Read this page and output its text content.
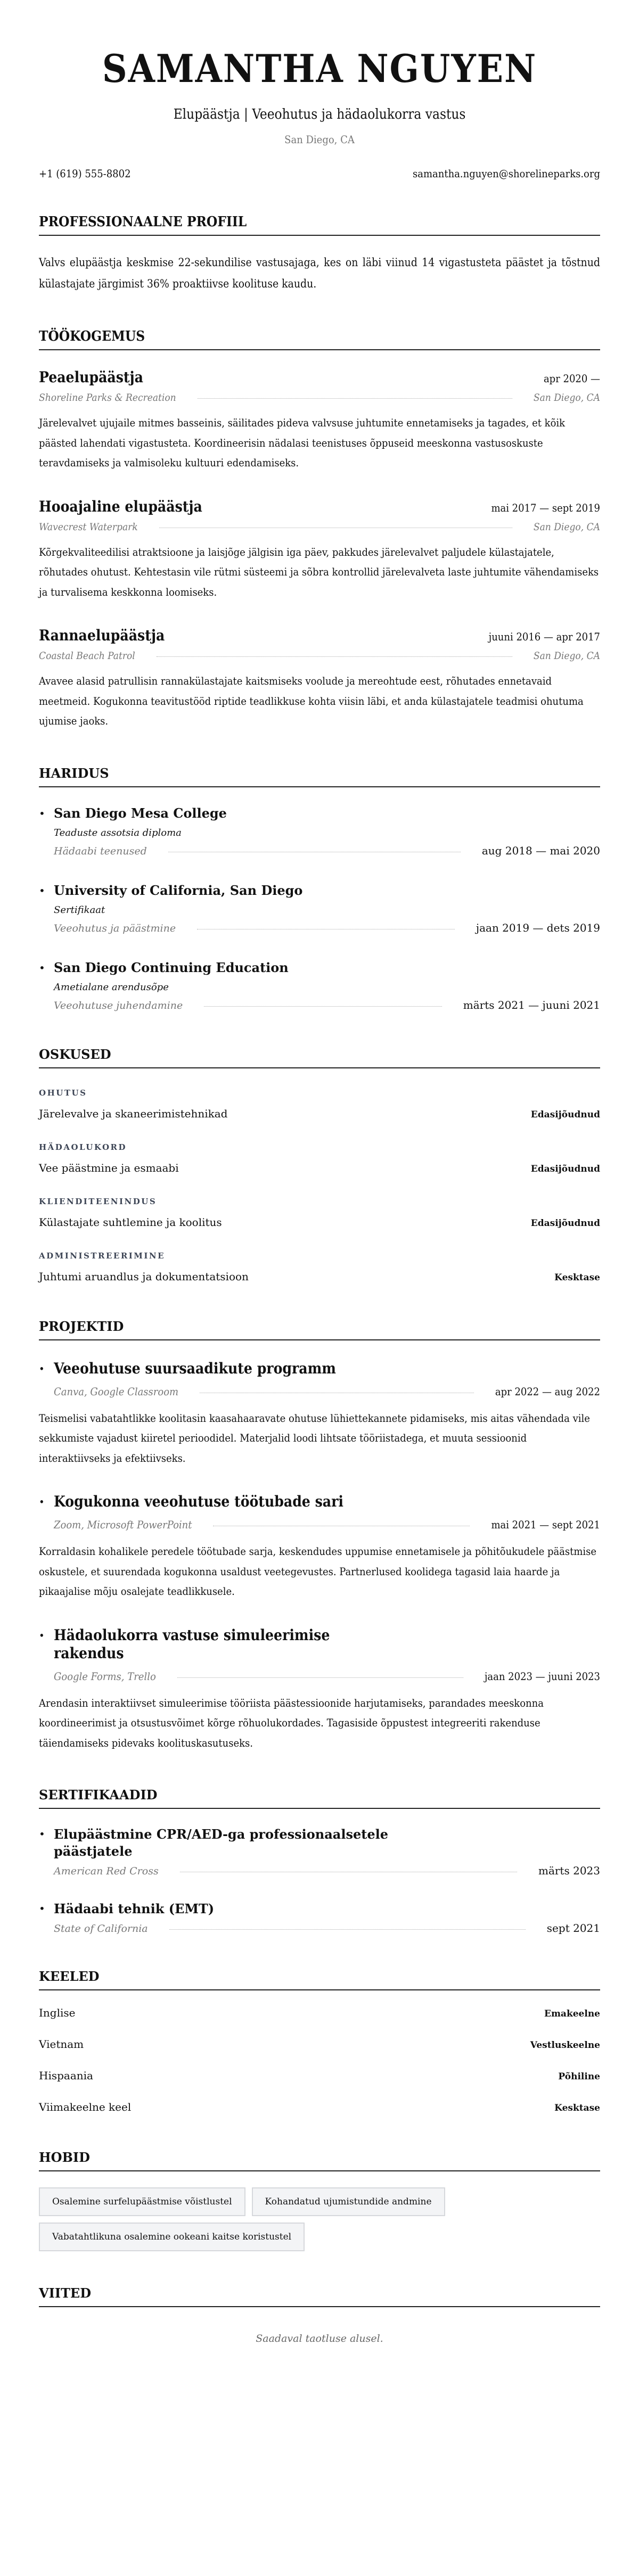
SAMANTHA NGUYEN
Elupäästja | Veeohutus ja hädaolukorra vastus
San Diego, CA
+1 (619) 555-8802	samantha.nguyen@shorelineparks.org
PROFESSIONAALNE PROFIIL

Valvs elupäästja keskmise 22-sekundilise vastusajaga, kes on läbi viinud 14 vigastusteta päästet ja tõstnud külastajate järgimist 36% proaktiivse koolituse kaudu.

TÖÖKOGEMUS
Peaelupäästja	apr 2020 —
Shoreline Parks & Recreation	San Diego, CA
Järelevalvet ujujaile mitmes basseinis, säilitades pideva valvsuse juhtumite ennetamiseks ja tagades, et kõik päästed lahendati vigastusteta. Koordineerisin nädalasi teenistuses õppuseid meeskonna vastusoskuste teravdamiseks ja valmisoleku kultuuri edendamiseks.
Hooajaline elupäästja	mai 2017 — sept 2019
Wavecrest Waterpark	San Diego, CA
Kõrgekvaliteedilisi atraktsioone ja laisjõge jälgisin iga päev, pakkudes järelevalvet paljudele külastajatele, rõhutades ohutust. Kehtestasin vile rütmi süsteemi ja sõbra kontrollid järelevalveta laste juhtumite vähendamiseks ja turvalisema keskkonna loomiseks.
Rannaelupäästja	juuni 2016 — apr 2017
Coastal Beach Patrol	San Diego, CA
Avavee alasid patrullisin rannakülastajate kaitsmiseks voolude ja mereohtude eest, rõhutades ennetavaid meetmeid. Kogukonna teavitustööd riptide teadlikkuse kohta viisin läbi, et anda külastajatele teadmisi ohutuma ujumise jaoks.
HARIDUS
• San Diego Mesa College
Teaduste assotsia diploma
Hädaabi teenused	aug 2018 — mai 2020
• University of California, San Diego
Sertifikaat
Veeohutus ja päästmine	jaan 2019 — dets 2019
• San Diego Continuing Education
Ametialane arendusõpe
Veeohutuse juhendamine	märts 2021 — juuni 2021
OSKUSED
OHUTUS
Järelevalve ja skaneerimistehnikad	Edasijõudnud
HÄDAOLUKORD
Vee päästmine ja esmaabi	Edasijõudnud
KLIENDITEENINDUS
Külastajate suhtlemine ja koolitus	Edasijõudnud
ADMINISTREERIMINE
Juhtumi aruandlus ja dokumentatsioon	Kesktase
PROJEKTID
• Veeohutuse suursaadikute programm
Canva, Google Classroom	apr 2022 — aug 2022
Teismelisi vabatahtlikke koolitasin kaasahaaravate ohutuse lühiettekannete pidamiseks, mis aitas vähendada vile sekkumiste vajadust kiiretel perioodidel. Materjalid loodi lihtsate tööriistadega, et muuta sessioonid interaktiivseks ja efektiivseks.
• Kogukonna veeohutuse töötubade sari
Zoom, Microsoft PowerPoint	mai 2021 — sept 2021
Korraldasin kohalikele peredele töötubade sarja, keskendudes uppumise ennetamisele ja põhitõukudele päästmise oskustele, et suurendada kogukonna usaldust veetegevustes. Partnerlused koolidega tagasid laia haarde ja pikaajalise mõju osalejate teadlikkusele.
• Hädaolukorra vastuse simuleerimise rakendus
Google Forms, Trello	jaan 2023 — juuni 2023
Arendasin interaktiivset simuleerimise tööriista päästessioonide harjutamiseks, parandades meeskonna koordineerimist ja otsustusvõimet kõrge rõhuolukordades. Tagasiside õppustest integreeriti rakenduse täiendamiseks pidevaks koolituskasutuseks.
SERTIFIKAADID
• Elupäästmine CPR/AED-ga professionaalsetele päästjatele
American Red Cross	märts 2023
• Hädaabi tehnik (EMT)
State of California	sept 2021
KEELED
Inglise	Emakeelne
Vietnam	Vestluskeelne
Hispaania	Põhiline
Viimakeelne keel	Kesktase
HOBID
Osalemine surfelupäästmise võistlustel	Kohandatud ujumistundide andmine
Vabatahtlikuna osalemine ookeani kaitse koristustel
VIITED
Saadaval taotluse alusel.
